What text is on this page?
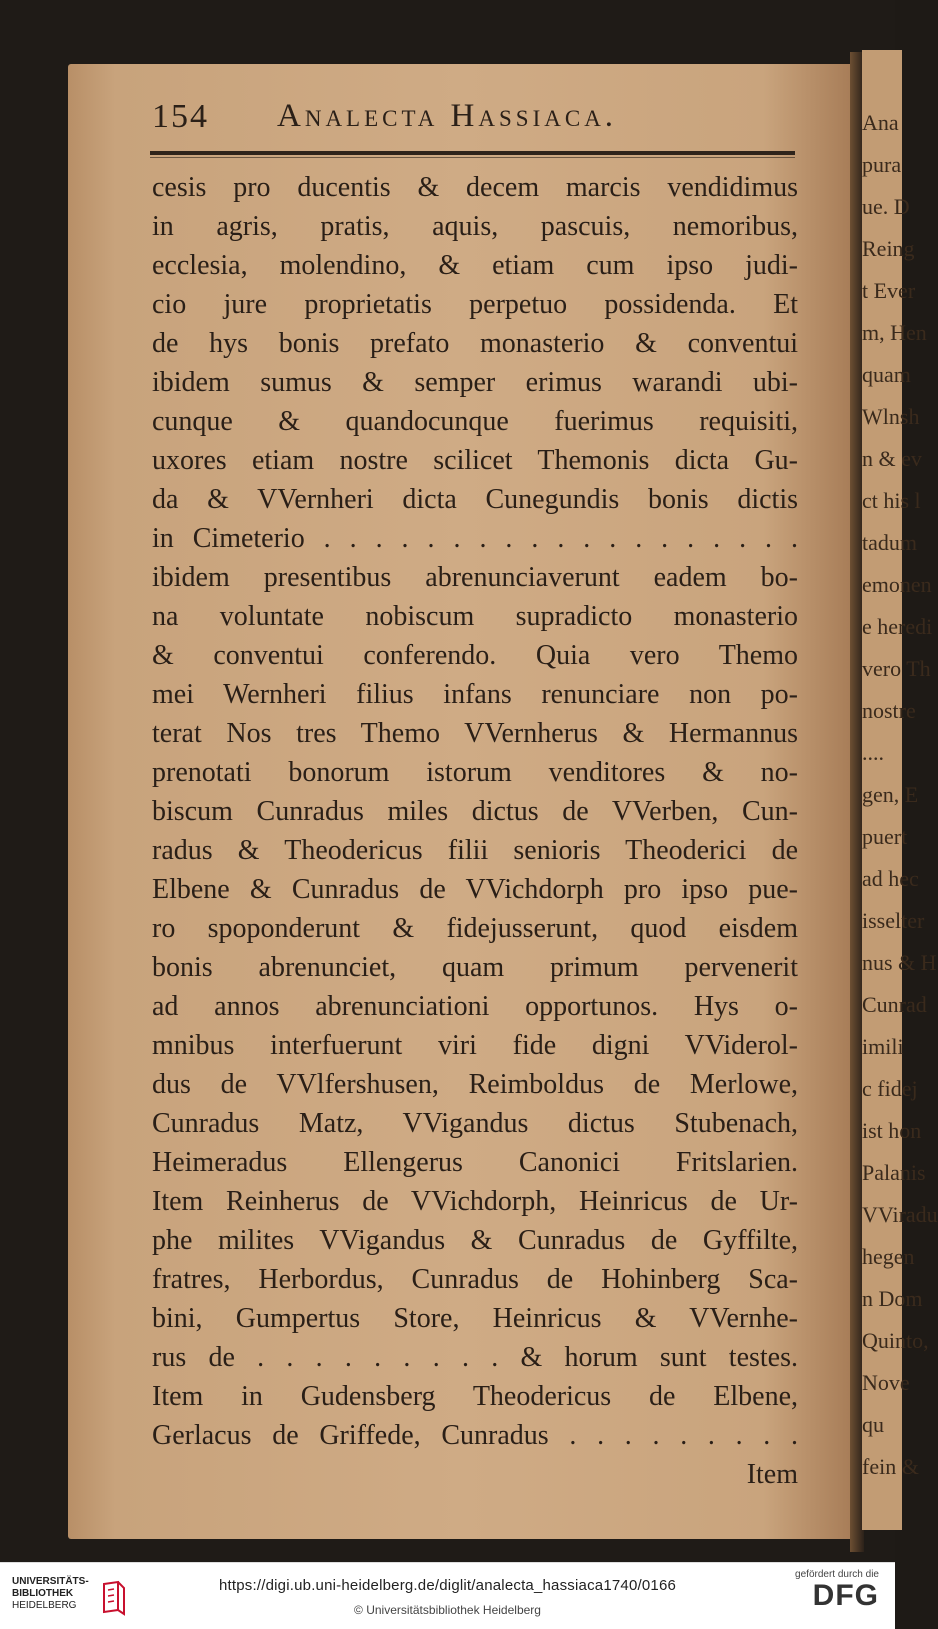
Ana
pura
ue. D
Reing
t Ever
m, Hen
quam
Wlnsh
n & ev
ct his l
tadum
emonen
e heredi
vero Th
nostre
....
gen, E
puert
ad hec
isselter
nus & H
Cunrad
imili
c fidej
ist hon
Palanis
VViradu
hegen
n Dom
Quinto,
Nove
qu
fein &
154 Analecta Hassiaca.
cesis pro ducentis & decem marcis vendidimus
in agris, pratis, aquis, pascuis, nemoribus,
ecclesia, molendino, & etiam cum ipso judi-
cio jure proprietatis perpetuo possidenda. Et
de hys bonis prefato monasterio & conventui
ibidem sumus & semper erimus warandi ubi-
cunque & quandocunque fuerimus requisiti,
uxores etiam nostre scilicet Themonis dicta Gu-
da & VVernheri dicta Cunegundis bonis dictis
in Cimeterio . . . . . . . . . . . . . . . . . . .
ibidem presentibus abrenunciaverunt eadem bo-
na voluntate nobiscum supradicto monasterio
& conventui conferendo. Quia vero Themo
mei Wernheri filius infans renunciare non po-
terat Nos tres Themo VVernherus & Hermannus
prenotati bonorum istorum venditores & no-
biscum Cunradus miles dictus de VVerben, Cun-
radus & Theodericus filii senioris Theoderici de
Elbene & Cunradus de VVichdorph pro ipso pue-
ro spoponderunt & fidejusserunt, quod eisdem
bonis abrenunciet, quam primum pervenerit
ad annos abrenunciationi opportunos. Hys o-
mnibus interfuerunt viri fide digni VViderol-
dus de VVlfershusen, Reimboldus de Merlowe,
Cunradus Matz, VVigandus dictus Stubenach,
Heimeradus Ellengerus Canonici Fritslarien.
Item Reinherus de VVichdorph, Heinricus de Ur-
phe milites VVigandus & Cunradus de Gyffilte,
fratres, Herbordus, Cunradus de Hohinberg Sca-
bini, Gumpertus Store, Heinricus & VVernhe-
rus de . . . . . . . . . & horum sunt testes.
Item in Gudensberg Theodericus de Elbene,
Gerlacus de Griffede, Cunradus . . . . . . . . .
Item
UNIVERSITÄTS-
BIBLIOTHEK
HEIDELBERG
https://digi.ub.uni-heidelberg.de/diglit/analecta_hassiaca1740/0166
© Universitätsbibliothek Heidelberg
gefördert durch die
DFG
